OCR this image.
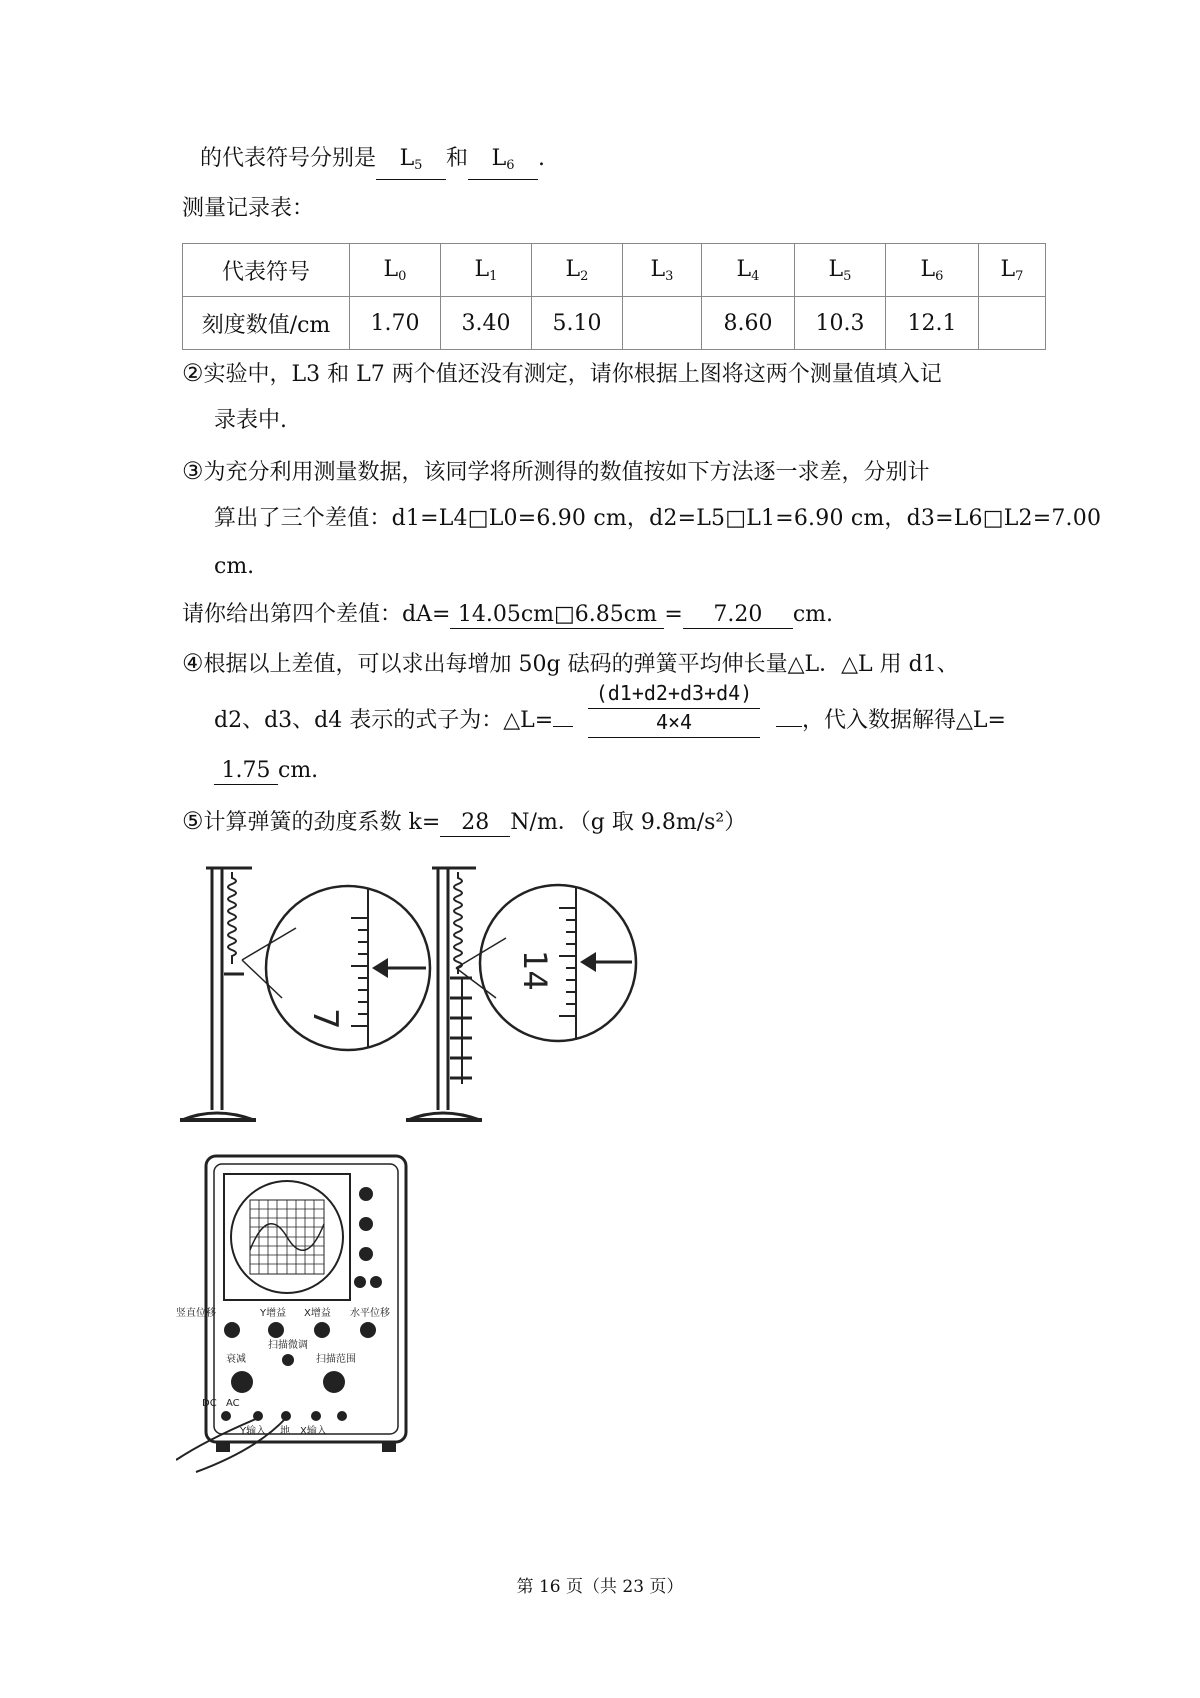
的代表符号分别是 $L_5$ 和 $L_6$ .
测量记录表：
代表符号	$L_0$	$L_1$	$L_2$	$L_3$	$L_4$	$L_5$	$L_6$	$L_7$
刻度数值/cm	1.70	3.40	5.10		8.60	10.3	12.1	
②实验中，L3 和 L7 两个值还没有测定，请你根据上图将这两个测量值填入记
录表中.
③为充分利用测量数据，该同学将所测得的数值按如下方法逐一求差，分别计
算出了三个差值：d1=L4□L0=6.90 cm，d2=L5□L1=6.90 cm，d3=L6□L2=7.00
cm.
请你给出第四个差值：dA= 14.05cm□6.85cm = 7.20 cm.
④根据以上差值，可以求出每增加 50g 砝码的弹簧平均伸长量△L．△L 用 d1、
d2、d3、d4 表示的式子为：△L=
(d1+d2+d3+d4)
4×4	，代入数据解得△L=
1.75 cm.
⑤计算弹簧的劲度系数 k= 28 N/m．（g 取 9.8m/s²）
7
14
竖直位移	Y增益 X增益 水平位移
衰减
扫描微调
扫描范围
DC AC
Y输入 地 X输入
第 16 页（共 23 页）
